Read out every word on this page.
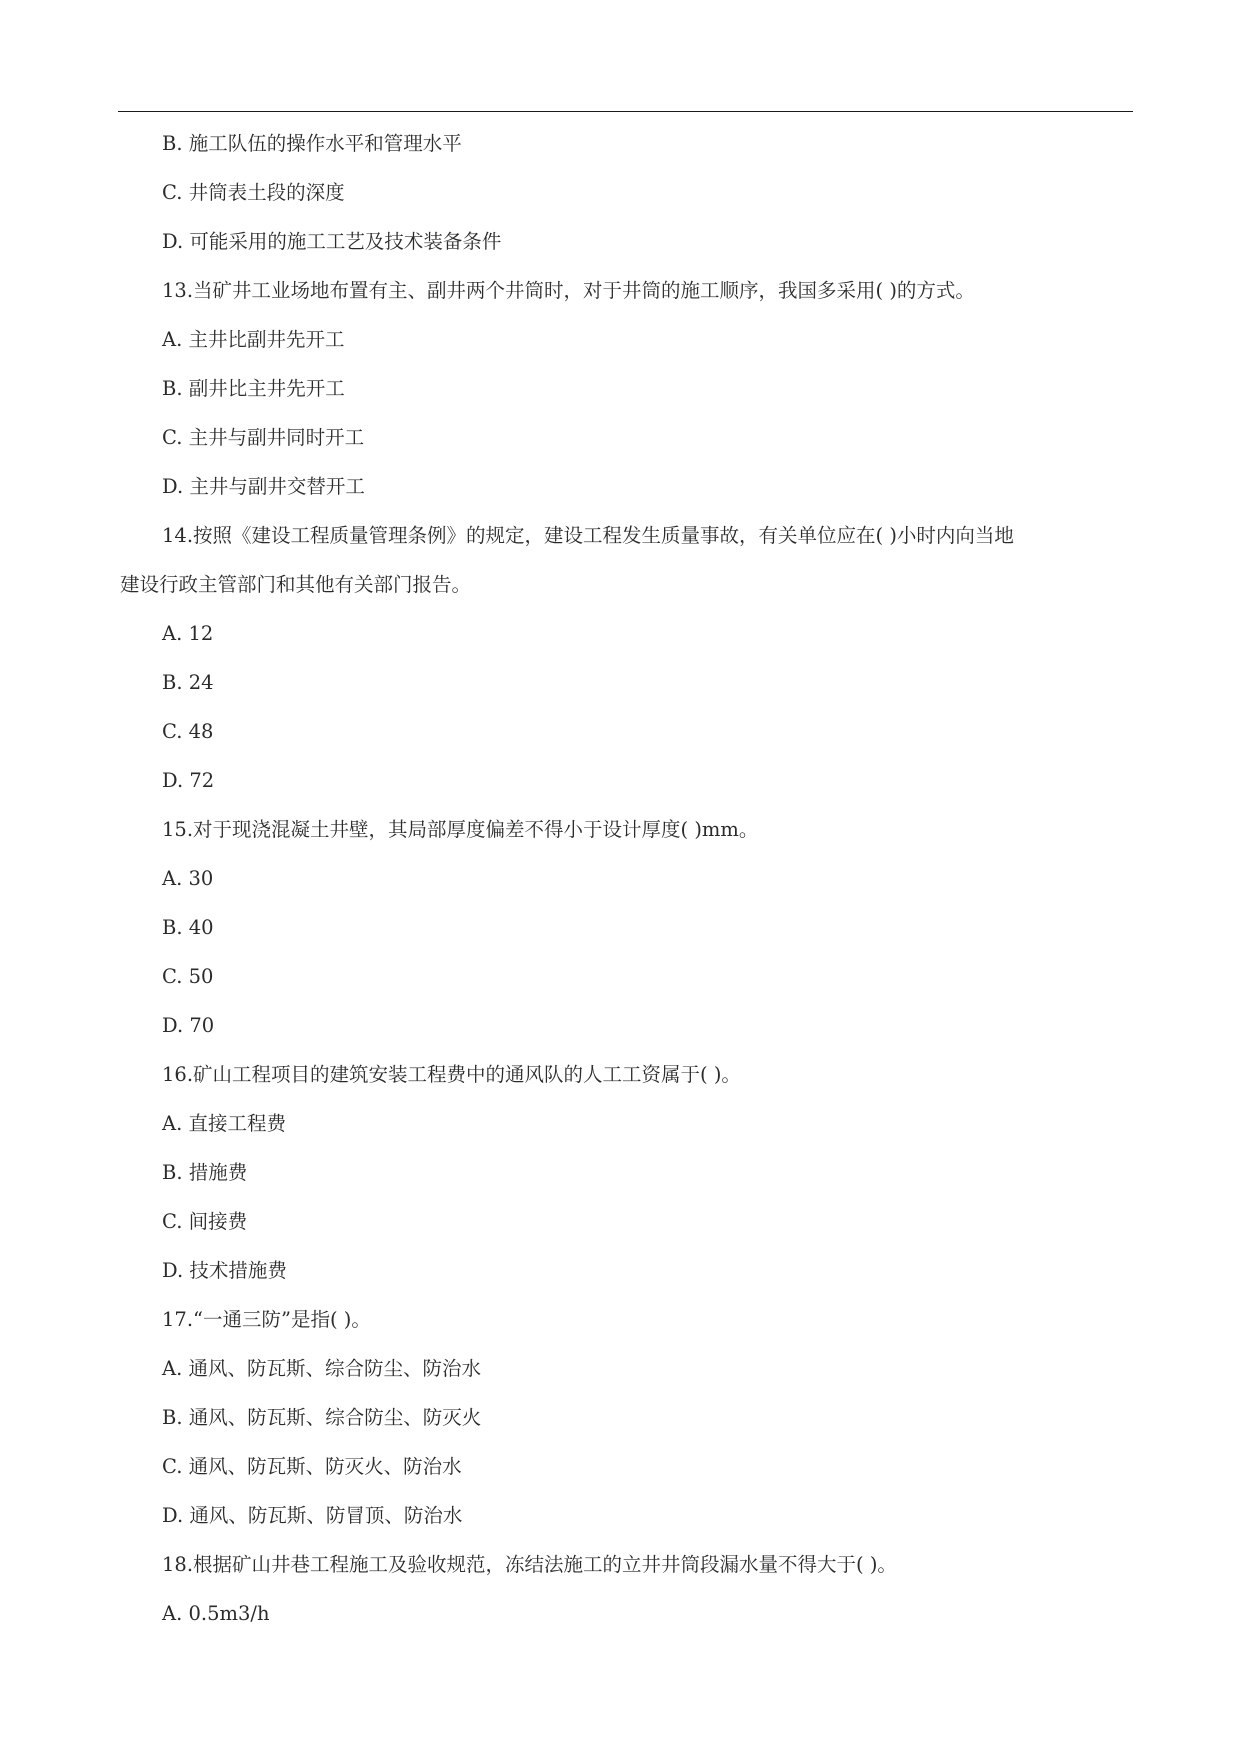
B. 施工队伍的操作水平和管理水平
C. 井筒表土段的深度
D. 可能采用的施工工艺及技术装备条件
13.当矿井工业场地布置有主、副井两个井筒时，对于井筒的施工顺序，我国多采用( )的方式。
A. 主井比副井先开工
B. 副井比主井先开工
C. 主井与副井同时开工
D. 主井与副井交替开工
14.按照《建设工程质量管理条例》的规定，建设工程发生质量事故，有关单位应在( )小时内向当地
建设行政主管部门和其他有关部门报告。
A. 12
B. 24
C. 48
D. 72
15.对于现浇混凝土井壁，其局部厚度偏差不得小于设计厚度( )mm。
A. 30
B. 40
C. 50
D. 70
16.矿山工程项目的建筑安装工程费中的通风队的人工工资属于( )。
A. 直接工程费
B. 措施费
C. 间接费
D. 技术措施费
17.“一通三防”是指( )。
A. 通风、防瓦斯、综合防尘、防治水
B. 通风、防瓦斯、综合防尘、防灭火
C. 通风、防瓦斯、防灭火、防治水
D. 通风、防瓦斯、防冒顶、防治水
18.根据矿山井巷工程施工及验收规范，冻结法施工的立井井筒段漏水量不得大于( )。
A. 0.5m3/h
